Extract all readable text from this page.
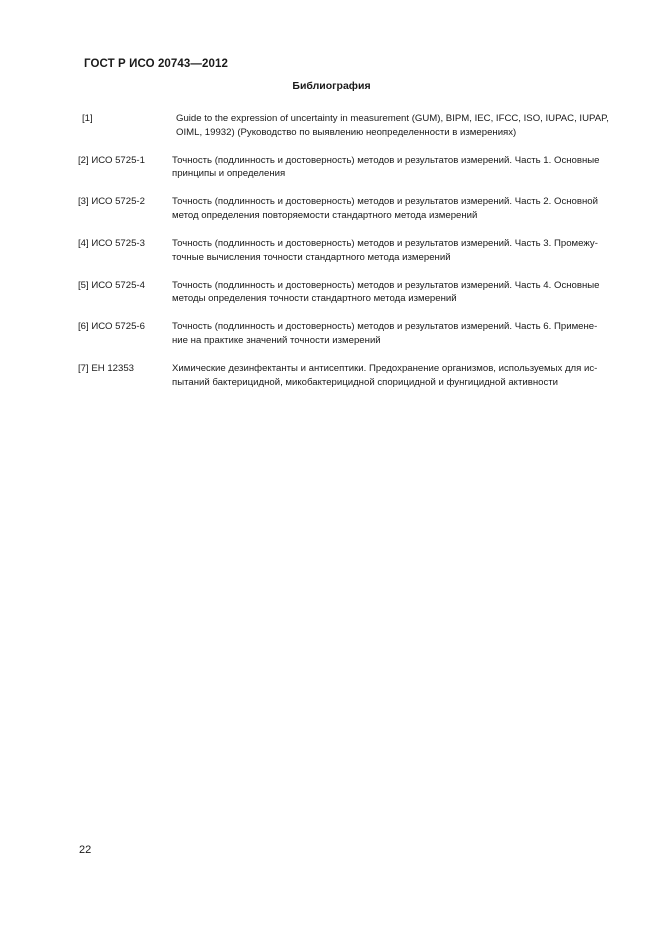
ГОСТ Р ИСО 20743—2012
Библиография
[1]	Guide to the expression of uncertainty in measurement (GUM), BIPM, IEC, IFCC, ISO, IUPAC, IUPAP,
OIML, 19932) (Руководство по выявлению неопределенности в измерениях)
[2] ИСО 5725-1	Точность (подлинность и достоверность) методов и результатов измерений. Часть 1. Основные
принципы и определения
[3] ИСО 5725-2	Точность (подлинность и достоверность) методов и результатов измерений. Часть 2. Основной
метод определения повторяемости стандартного метода измерений
[4] ИСО 5725-3	Точность (подлинность и достоверность) методов и результатов измерений. Часть 3. Промежу-
точные вычисления точности стандартного метода измерений
[5] ИСО 5725-4	Точность (подлинность и достоверность) методов и результатов измерений. Часть 4. Основные
методы определения точности стандартного метода измерений
[6] ИСО 5725-6	Точность (подлинность и достоверность) методов и результатов измерений. Часть 6. Примене-
ние на практике значений точности измерений
[7] ЕН 12353	Химические дезинфектанты и антисептики. Предохранение организмов, используемых для ис-
пытаний бактерицидной, микобактерицидной спорицидной и фунгицидной активности
22
